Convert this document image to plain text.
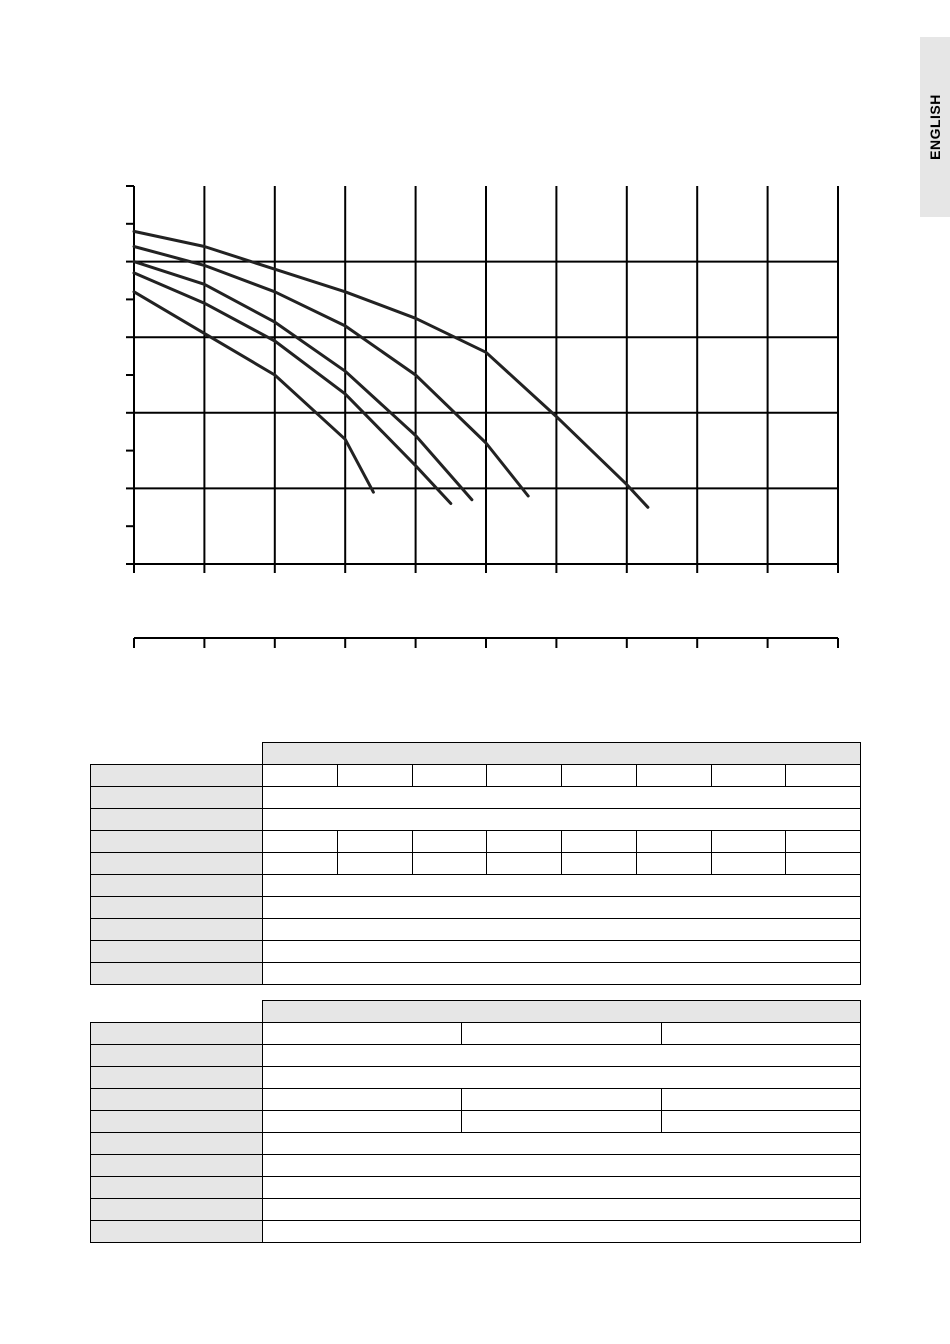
ENGLISH
